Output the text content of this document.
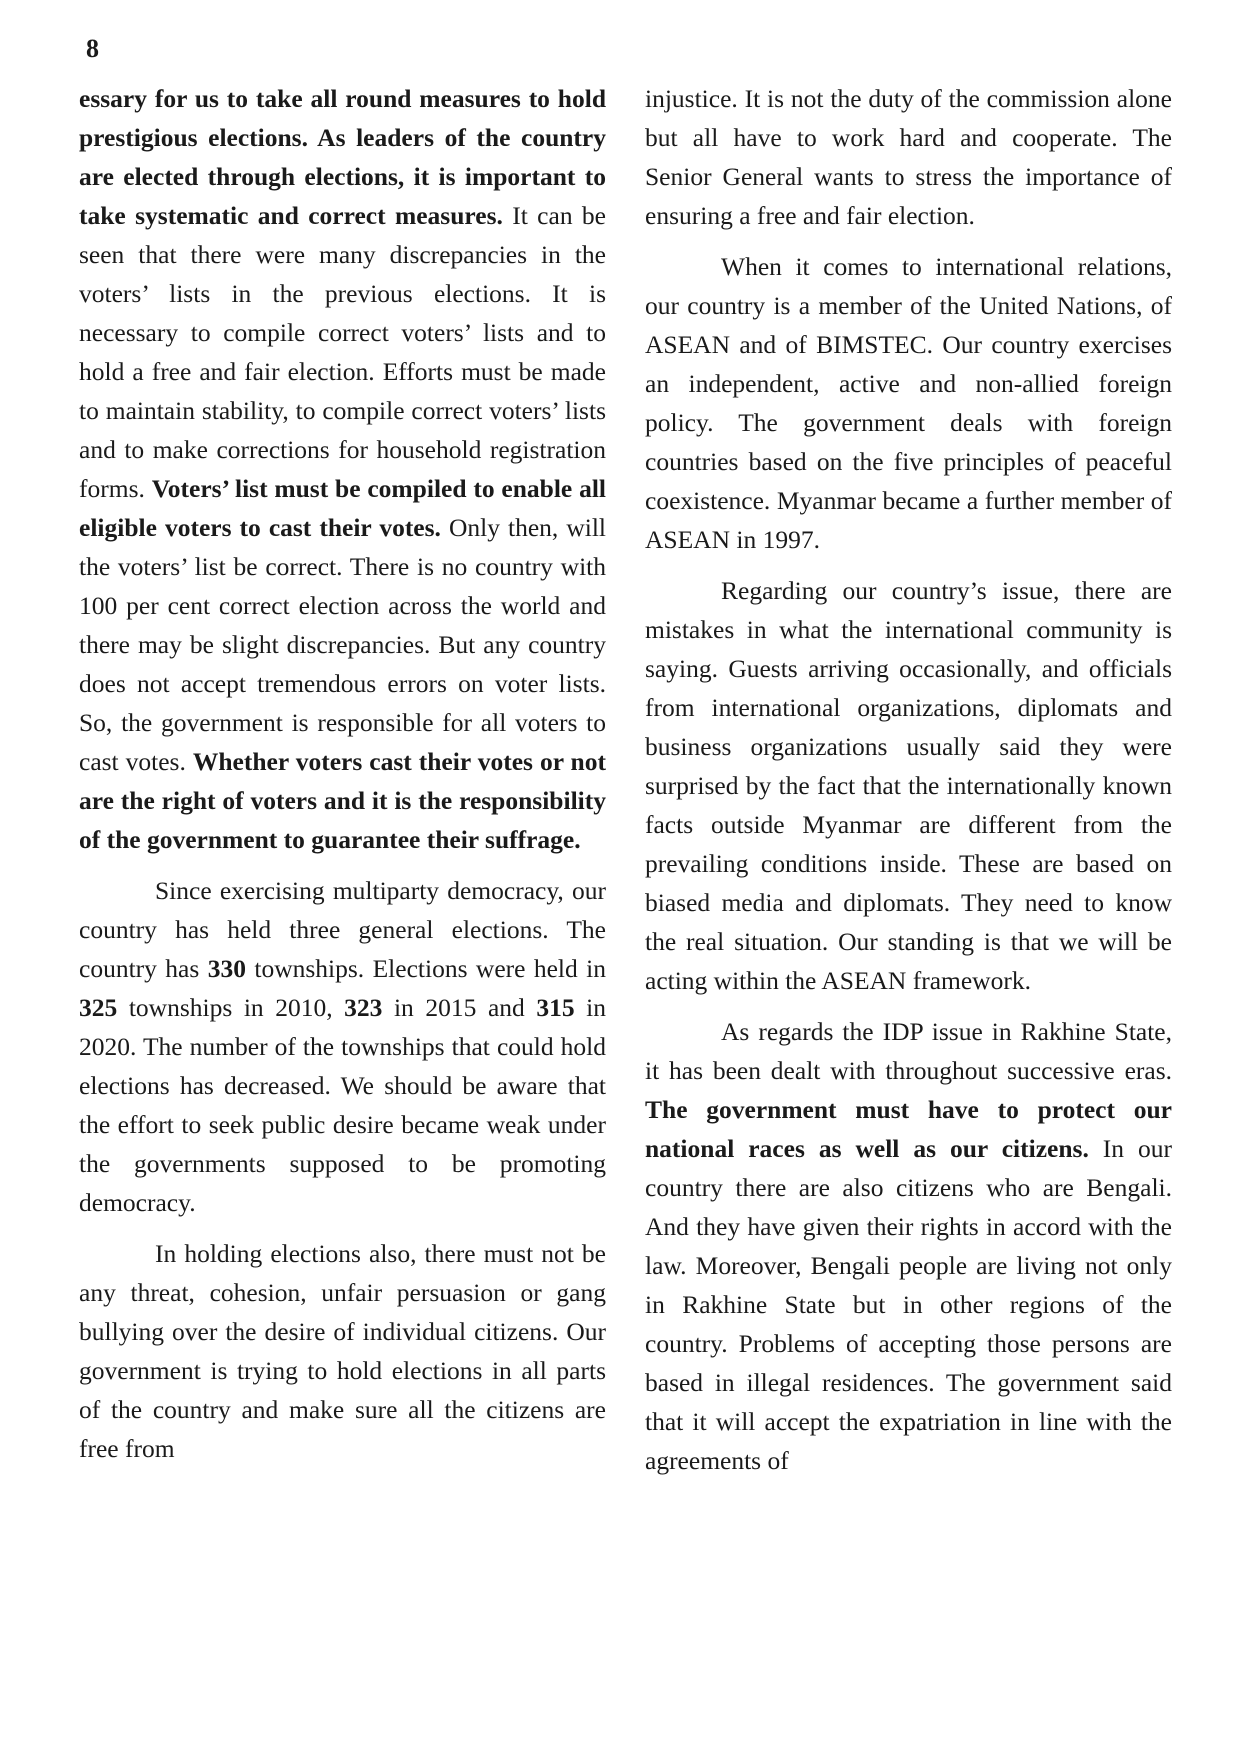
8

essary for us to take all round measures to hold prestigious elections. As leaders of the country are elected through elections, it is important to take systematic and correct measures. It can be seen that there were many discrepancies in the voters’ lists in the previous elections. It is necessary to compile correct voters’ lists and to hold a free and fair election. Efforts must be made to maintain stability, to compile correct voters’ lists and to make corrections for household registration forms. Voters’ list must be compiled to enable all eligible voters to cast their votes. Only then, will the voters’ list be correct. There is no country with 100 per cent correct election across the world and there may be slight discrepancies. But any country does not accept tremendous errors on voter lists. So, the government is responsible for all voters to cast votes. Whether voters cast their votes or not are the right of voters and it is the responsibility of the government to guarantee their suffrage.

Since exercising multiparty democracy, our country has held three general elections. The country has 330 townships. Elections were held in 325 townships in 2010, 323 in 2015 and 315 in 2020. The number of the townships that could hold elections has decreased. We should be aware that the effort to seek public desire became weak under the governments supposed to be promoting democracy.

In holding elections also, there must not be any threat, cohesion, unfair persuasion or gang bullying over the desire of individual citizens. Our government is trying to hold elections in all parts of the country and make sure all the citizens are free from

injustice. It is not the duty of the commission alone but all have to work hard and cooperate. The Senior General wants to stress the importance of ensuring a free and fair election.

When it comes to international relations, our country is a member of the United Nations, of ASEAN and of BIMSTEC. Our country exercises an independent, active and non-allied foreign policy. The government deals with foreign countries based on the five principles of peaceful coexistence. Myanmar became a further member of ASEAN in 1997.

Regarding our country’s issue, there are mistakes in what the international community is saying. Guests arriving occasionally, and officials from international organizations, diplomats and business organizations usually said they were surprised by the fact that the internationally known facts outside Myanmar are different from the prevailing conditions inside. These are based on biased media and diplomats. They need to know the real situation. Our standing is that we will be acting within the ASEAN framework.

As regards the IDP issue in Rakhine State, it has been dealt with throughout successive eras. The government must have to protect our national races as well as our citizens. In our country there are also citizens who are Bengali. And they have given their rights in accord with the law. Moreover, Bengali people are living not only in Rakhine State but in other regions of the country. Problems of accepting those persons are based in illegal residences. The government said that it will accept the expatriation in line with the agreements of
